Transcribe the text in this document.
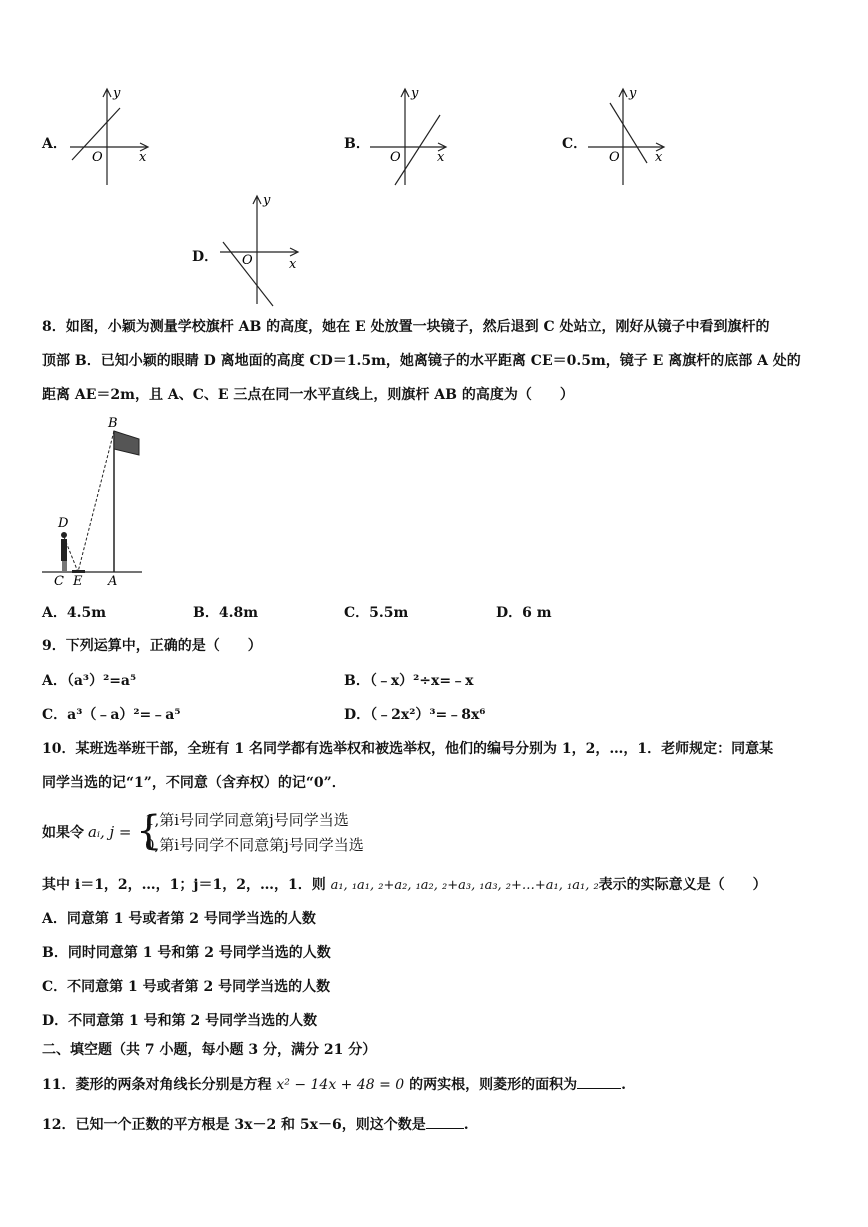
A．
y
x
O
B．
y
x
O
C．
y
x
O
D．
y
x
O
8．如图，小颖为测量学校旗杆 AB 的高度，她在 E 处放置一块镜子，然后退到 C 处站立，刚好从镜子中看到旗杆的
顶部 B．已知小颖的眼睛 D 离地面的高度 CD＝1.5m，她离镜子的水平距离 CE＝0.5m，镜子 E 离旗杆的底部 A 处的
距离 AE＝2m，且 A、C、E 三点在同一水平直线上，则旗杆 AB 的高度为（　　）
B
D
C E A
A．4.5m	B．4.8m	C．5.5m	D．6 m
9．下列运算中，正确的是（　　）
A．（a³）²=a⁵	B．（﹣x）²÷x=﹣x
C．a³（﹣a）²=﹣a⁵	D．（﹣2x²）³=﹣8x⁶
10．某班选举班干部，全班有 1 名同学都有选举权和被选举权，他们的编号分别为 1，2，…，1．老师规定：同意某
同学当选的记“1”，不同意（含弃权）的记“0”．
如果令 aᵢ, j = {
1,第i号同学同意第j号同学当选
0,第i号同学不同意第j号同学当选
其中 i＝1，2，…，1；j＝1，2，…，1．则 a₁, ₁a₁, ₂+a₂, ₁a₂, ₂+a₃, ₁a₃, ₂+…+a₁, ₁a₁, ₂表示的实际意义是（　　）
A．同意第 1 号或者第 2 号同学当选的人数
B．同时同意第 1 号和第 2 号同学当选的人数
C．不同意第 1 号或者第 2 号同学当选的人数
D．不同意第 1 号和第 2 号同学当选的人数
二、填空题（共 7 小题，每小题 3 分，满分 21 分）
11．菱形的两条对角线长分别是方程 x² − 14x + 48 = 0 的两实根，则菱形的面积为	.
12．已知一个正数的平方根是 3x－2 和 5x－6，则这个数是	.
